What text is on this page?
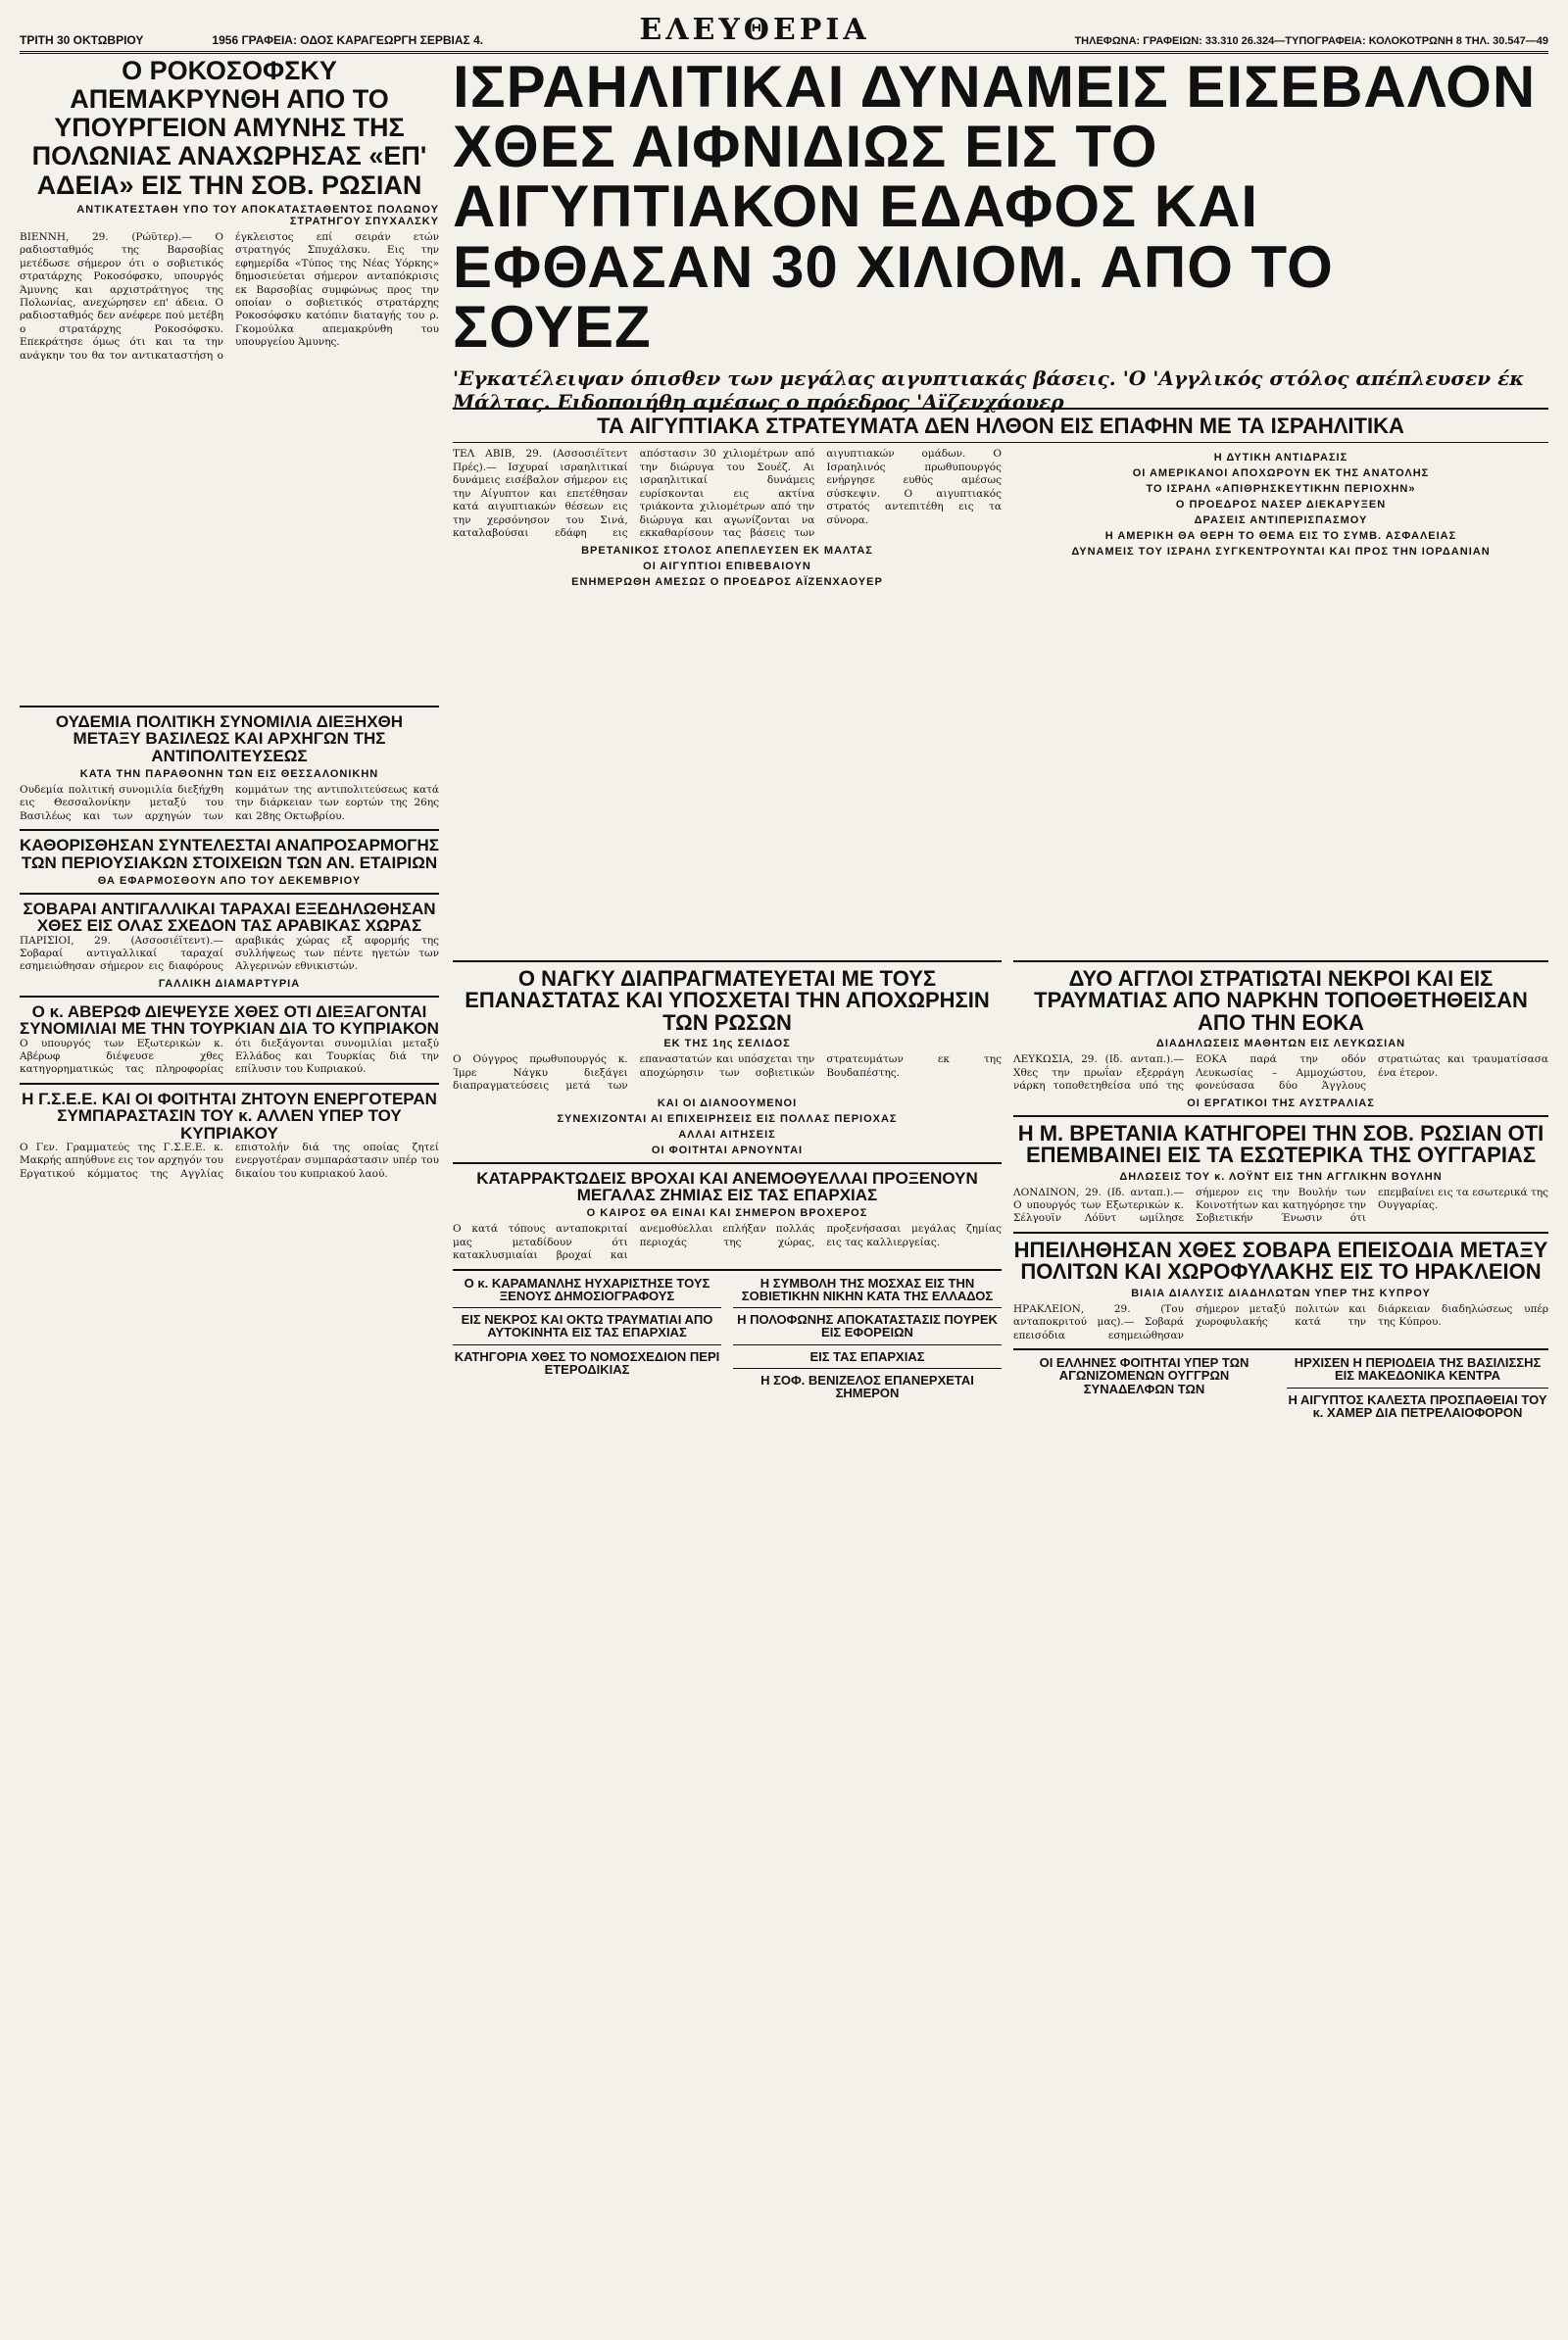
ΤΡΙΤΗ 30 ΟΚΤΩΒΡΙΟΥ	1956 ΓΡΑΦΕΙΑ: ΟΔΟΣ ΚΑΡΑΓΕΩΡΓΗ ΣΕΡΒΙΑΣ 4.	ΕΛΕΥΘΕΡΙΑ	ΤΗΛΕΦΩΝΑ: ΓΡΑΦΕΙΩΝ: 33.310 26.324—ΤΥΠΟΓΡΑΦΕΙΑ: ΚΟΛΟΚΟΤΡΩΝΗ 8 ΤΗΛ. 30.547—49
Ο ΡΟΚΟΣΟΦΣΚΥ ΑΠΕΜΑΚΡΥΝΘΗ ΑΠΟ ΤΟ ΥΠΟΥΡΓΕΙΟΝ ΑΜΥΝΗΣ ΤΗΣ ΠΟΛΩΝΙΑΣ ΑΝΑΧΩΡΗΣΑΣ «ΕΠ' ΑΔΕΙΑ» ΕΙΣ ΤΗΝ ΣΟΒ. ΡΩΣΙΑΝ
ΑΝΤΙΚΑΤΕΣΤΑΘΗ ΥΠΟ ΤΟΥ ΑΠΟΚΑΤΑΣΤΑΘΕΝΤΟΣ ΠΟΛΩΝΟΥ ΣΤΡΑΤΗΓΟΥ ΣΠΥΧΑΛΣΚΥ

ΒΙΕΝΝΗ, 29. (Ρώϋτερ).— Ο ραδιοσταθμός της Βαρσοβίας μετέδωσε σήμερον ότι ο σοβιετικός στρατάρχης Ροκοσόφσκυ, υπουργός Άμυνης και αρχιστράτηγος της Πολωνίας, ανεχώρησεν επ' άδεια. Ο ραδιοσταθμός δεν ανέφερε πού μετέβη ο στρατάρχης Ροκοσόφσκυ. Επεκράτησε όμως ότι και τα την ανάγκην του θα τον αντικαταστήση ο έγκλειστος επί σειράν ετών στρατηγός Σπυχάλσκυ. Εις την εφημερίδα «Τύπος της Νέας Υόρκης» δημοσιεύεται σήμερον ανταπόκρισις εκ Βαρσοβίας συμφώνως προς την οποίαν ο σοβιετικός στρατάρχης Ροκοσόφσκυ κατόπιν διαταγής του ρ. Γκομούλκα απεμακρύνθη του υπουργείου Άμυνης.

ΙΣΡΑΗΛΙΤΙΚΑΙ ΔΥΝΑΜΕΙΣ ΕΙΣΕΒΑΛΟΝ ΧΘΕΣ ΑΙΦΝΙΔΙΩΣ ΕΙΣ ΤΟ ΑΙΓΥΠΤΙΑΚΟΝ ΕΔΑΦΟΣ ΚΑΙ ΕΦΘΑΣΑΝ 30 ΧΙΛΙΟΜ. ΑΠΟ ΤΟ ΣΟΥΕΖ
'Εγκατέλειψαν όπισθεν των μεγάλας αιγυπτιακάς βάσεις. 'Ο 'Αγγλικός στόλος απέπλευσεν έκ Μάλτας. Ειδοποιήθη αμέσως ο πρόεδρος 'Αϊζενχάουερ
ΤΑ ΑΙΓΥΠΤΙΑΚΑ ΣΤΡΑΤΕΥΜΑΤΑ ΔΕΝ ΗΛΘΟΝ ΕΙΣ ΕΠΑΦΗΝ ΜΕ ΤΑ ΙΣΡΑΗΛΙΤΙΚΑ

ΤΕΛ ΑΒΙΒ, 29. (Ασσοσιέϊτεντ Πρές).— Ισχυραί ισραηλιτικαί δυνάμεις εισέβαλον σήμερον εις την Αίγυπτον και επετέθησαν κατά αιγυπτιακών θέσεων εις την χερσόνησον του Σινά, καταλαβούσαι εδάφη εις απόστασιν 30 χιλιομέτρων από την διώρυγα του Σουέζ. Αι ισραηλιτικαί δυνάμεις ευρίσκονται εις ακτίνα τριάκοντα χιλιομέτρων από την διώρυγα και αγωνίζονται να εκκαθαρίσουν τας βάσεις των αιγυπτιακών ομάδων. Ο Ισραηλινός πρωθυπουργός ενήργησε ευθύς αμέσως σύσκεψιν. Ο αιγυπτιακός στρατός αντεπιτέθη εις τα σύνορα.

ΒΡΕΤΑΝΙΚΟΣ ΣΤΟΛΟΣ ΑΠΕΠΛΕΥΣΕΝ ΕΚ ΜΑΛΤΑΣ
ΟΙ ΑΙΓΥΠΤΙΟΙ ΕΠΙΒΕΒΑΙΟΥΝ
ΕΝΗΜΕΡΩΘΗ ΑΜΕΣΩΣ Ο ΠΡΟΕΔΡΟΣ ΑΪΖΕΝΧΑΟΥΕΡ
Η ΔΥΤΙΚΗ ΑΝΤΙΔΡΑΣΙΣ
ΟΙ ΑΜΕΡΙΚΑΝΟΙ ΑΠΟΧΩΡΟΥΝ ΕΚ ΤΗΣ ΑΝΑΤΟΛΗΣ
ΤΟ ΙΣΡΑΗΛ «ΑΠΙΘΡΗΣΚΕΥΤΙΚΗΝ ΠΕΡΙΟΧΗΝ»
Ο ΠΡΟΕΔΡΟΣ ΝΑΣΕΡ ΔΙΕΚΑΡΥΞΕΝ
ΔΡΑΣΕΙΣ ΑΝΤΙΠΕΡΙΣΠΑΣΜΟΥ
Η ΑΜΕΡΙΚΗ ΘΑ ΘΕΡΗ ΤΟ ΘΕΜΑ ΕΙΣ ΤΟ ΣΥΜΒ. ΑΣΦΑΛΕΙΑΣ
ΔΥΝΑΜΕΙΣ ΤΟΥ ΙΣΡΑΗΛ ΣΥΓΚΕΝΤΡΟΥΝΤΑΙ ΚΑΙ ΠΡΟΣ ΤΗΝ ΙΟΡΔΑΝΙΑΝ
ΟΥΔΕΜΙΑ ΠΟΛΙΤΙΚΗ ΣΥΝΟΜΙΛΙΑ ΔΙΕΞΗΧΘΗ ΜΕΤΑΞΥ ΒΑΣΙΛΕΩΣ ΚΑΙ ΑΡΧΗΓΩΝ ΤΗΣ ΑΝΤΙΠΟΛΙΤΕΥΣΕΩΣ
ΚΑΤΑ ΤΗΝ ΠΑΡΑΘΟΝΗΝ ΤΩΝ ΕΙΣ ΘΕΣΣΑΛΟΝΙΚΗΝ

Ουδεμία πολιτική συνομιλία διεξήχθη εις Θεσσαλονίκην μεταξύ του Βασιλέως και των αρχηγών των κομμάτων της αντιπολιτεύσεως κατά την διάρκειαν των εορτών της 26ης και 28ης Οκτωβρίου.

ΚΑΘΟΡΙΣΘΗΣΑΝ ΣΥΝΤΕΛΕΣΤΑΙ ΑΝΑΠΡΟΣΑΡΜΟΓΗΣ ΤΩΝ ΠΕΡΙΟΥΣΙΑΚΩΝ ΣΤΟΙΧΕΙΩΝ ΤΩΝ ΑΝ. ΕΤΑΙΡΙΩΝ
ΘΑ ΕΦΑΡΜΟΣΘΟΥΝ ΑΠΟ ΤΟΥ ΔΕΚΕΜΒΡΙΟΥ
ΣΟΒΑΡΑΙ ΑΝΤΙΓΑΛΛΙΚΑΙ ΤΑΡΑΧΑΙ ΕΞΕΔΗΛΩΘΗΣΑΝ ΧΘΕΣ ΕΙΣ ΟΛΑΣ ΣΧΕΔΟΝ ΤΑΣ ΑΡΑΒΙΚΑΣ ΧΩΡΑΣ

ΠΑΡΙΣΙΟΙ, 29. (Ασσοσιέϊτεντ).— Σοβαραί αντιγαλλικαί ταραχαί εσημειώθησαν σήμερον εις διαφόρους αραβικάς χώρας εξ αφορμής της συλλήψεως των πέντε ηγετών των Αλγερινών εθνικιστών.

ΓΑΛΛΙΚΗ ΔΙΑΜΑΡΤΥΡΙΑ
Ο κ. ΑΒΕΡΩΦ ΔΙΕΨΕΥΣΕ ΧΘΕΣ ΟΤΙ ΔΙΕΞΑΓΟΝΤΑΙ ΣΥΝΟΜΙΛΙΑΙ ΜΕ ΤΗΝ ΤΟΥΡΚΙΑΝ ΔΙΑ ΤΟ ΚΥΠΡΙΑΚΟΝ

Ο υπουργός των Εξωτερικών κ. Αβέρωφ διέψευσε χθες κατηγορηματικώς τας πληροφορίας ότι διεξάγονται συνομιλίαι μεταξύ Ελλάδος και Τουρκίας διά την επίλυσιν του Κυπριακού.

Η Γ.Σ.Ε.Ε. ΚΑΙ ΟΙ ΦΟΙΤΗΤΑΙ ΖΗΤΟΥΝ ΕΝΕΡΓΟΤΕΡΑΝ ΣΥΜΠΑΡΑΣΤΑΣΙΝ ΤΟΥ κ. ΑΛΛΕΝ ΥΠΕΡ ΤΟΥ ΚΥΠΡΙΑΚΟΥ

Ο Γεν. Γραμματεύς της Γ.Σ.Ε.Ε. κ. Μακρής απηύθυνε εις τον αρχηγόν του Εργατικού κόμματος της Αγγλίας επιστολήν διά της οποίας ζητεί ενεργοτέραν συμπαράστασιν υπέρ του δικαίου του κυπριακού λαού.

Ο ΝΑΓΚΥ ΔΙΑΠΡΑΓΜΑΤΕΥΕΤΑΙ ΜΕ ΤΟΥΣ ΕΠΑΝΑΣΤΑΤΑΣ ΚΑΙ ΥΠΟΣΧΕΤΑΙ ΤΗΝ ΑΠΟΧΩΡΗΣΙΝ ΤΩΝ ΡΩΣΩΝ
ΕΚ ΤΗΣ 1ης ΣΕΛΙΔΟΣ

Ο Ούγγρος πρωθυπουργός κ. Ίμρε Νάγκυ διεξάγει διαπραγματεύσεις μετά των επαναστατών και υπόσχεται την αποχώρησιν των σοβιετικών στρατευμάτων εκ της Βουδαπέστης.

ΚΑΙ ΟΙ ΔΙΑΝΟΟΥΜΕΝΟΙ
ΣΥΝΕΧΙΖΟΝΤΑΙ ΑΙ ΕΠΙΧΕΙΡΗΣΕΙΣ ΕΙΣ ΠΟΛΛΑΣ ΠΕΡΙΟΧΑΣ
ΑΛΛΑΙ ΑΙΤΗΣΕΙΣ
ΟΙ ΦΟΙΤΗΤΑΙ ΑΡΝΟΥΝΤΑΙ
ΚΑΤΑΡΡΑΚΤΩΔΕΙΣ ΒΡΟΧΑΙ ΚΑΙ ΑΝΕΜΟΘΥΕΛΛΑΙ ΠΡΟΞΕΝΟΥΝ ΜΕΓΑΛΑΣ ΖΗΜΙΑΣ ΕΙΣ ΤΑΣ ΕΠΑΡΧΙΑΣ
Ο ΚΑΙΡΟΣ ΘΑ ΕΙΝΑΙ ΚΑΙ ΣΗΜΕΡΟΝ ΒΡΟΧΕΡΟΣ

Ο κατά τόπους ανταποκριταί μας μεταδίδουν ότι κατακλυσμιαίαι βροχαί και ανεμοθύελλαι επλήξαν πολλάς περιοχάς της χώρας, προξενήσασαι μεγάλας ζημίας εις τας καλλιεργείας.

Ο κ. ΚΑΡΑΜΑΝΛΗΣ ΗΥΧΑΡΙΣΤΗΣΕ ΤΟΥΣ ΞΕΝΟΥΣ ΔΗΜΟΣΙΟΓΡΑΦΟΥΣ
ΕΙΣ ΝΕΚΡΟΣ ΚΑΙ ΟΚΤΩ ΤΡΑΥΜΑΤΙΑΙ ΑΠΟ ΑΥΤΟΚΙΝΗΤΑ ΕΙΣ ΤΑΣ ΕΠΑΡΧΙΑΣ
ΚΑΤΗΓΟΡΙΑ ΧΘΕΣ ΤΟ ΝΟΜΟΣΧΕΔΙΟΝ ΠΕΡΙ ΕΤΕΡΟΔΙΚΙΑΣ
Η ΣΥΜΒΟΛΗ ΤΗΣ ΜΟΣΧΑΣ ΕΙΣ ΤΗΝ ΣΟΒΙΕΤΙΚΗΝ ΝΙΚΗΝ ΚΑΤΑ ΤΗΣ ΕΛΛΑΔΟΣ
Η ΠΟΛΟΦΩΝΗΣ ΑΠΟΚΑΤΑΣΤΑΣΙΣ ΠΟΥΡΕΚ ΕΙΣ ΕΦΟΡΕΙΩΝ
ΕΙΣ ΤΑΣ ΕΠΑΡΧΙΑΣ
Η ΣΟΦ. ΒΕΝΙΖΕΛΟΣ ΕΠΑΝΕΡΧΕΤΑΙ ΣΗΜΕΡΟΝ
ΔΥΟ ΑΓΓΛΟΙ ΣΤΡΑΤΙΩΤΑΙ ΝΕΚΡΟΙ ΚΑΙ ΕΙΣ ΤΡΑΥΜΑΤΙΑΣ ΑΠΟ ΝΑΡΚΗΝ ΤΟΠΟΘΕΤΗΘΕΙΣΑΝ ΑΠΟ ΤΗΝ ΕΟΚΑ
ΔΙΑΔΗΛΩΣΕΙΣ ΜΑΘΗΤΩΝ ΕΙΣ ΛΕΥΚΩΣΙΑΝ

ΛΕΥΚΩΣΙΑ, 29. (Ιδ. ανταπ.).— Χθες την πρωΐαν εξερράγη νάρκη τοποθετηθείσα υπό της ΕΟΚΑ παρά την οδόν Λευκωσίας – Αμμοχώστου, φονεύσασα δύο Άγγλους στρατιώτας και τραυματίσασα ένα έτερον.

ΟΙ ΕΡΓΑΤΙΚΟΙ ΤΗΣ ΑΥΣΤΡΑΛΙΑΣ
Η Μ. ΒΡΕΤΑΝΙΑ ΚΑΤΗΓΟΡΕΙ ΤΗΝ ΣΟΒ. ΡΩΣΙΑΝ ΟΤΙ ΕΠΕΜΒΑΙΝΕΙ ΕΙΣ ΤΑ ΕΣΩΤΕΡΙΚΑ ΤΗΣ ΟΥΓΓΑΡΙΑΣ
ΔΗΛΩΣΕΙΣ ΤΟΥ κ. ΛΟΫΝΤ ΕΙΣ ΤΗΝ ΑΓΓΛΙΚΗΝ ΒΟΥΛΗΝ

ΛΟΝΔΙΝΟΝ, 29. (Ιδ. ανταπ.).— Ο υπουργός των Εξωτερικών κ. Σέλγουϊν Λόϋντ ωμίλησε σήμερον εις την Βουλήν των Κοινοτήτων και κατηγόρησε την Σοβιετικήν Ένωσιν ότι επεμβαίνει εις τα εσωτερικά της Ουγγαρίας.

ΗΠΕΙΛΗΘΗΣΑΝ ΧΘΕΣ ΣΟΒΑΡΑ ΕΠΕΙΣΟΔΙΑ ΜΕΤΑΞΥ ΠΟΛΙΤΩΝ ΚΑΙ ΧΩΡΟΦΥΛΑΚΗΣ ΕΙΣ ΤΟ ΗΡΑΚΛΕΙΟΝ
ΒΙΑΙΑ ΔΙΑΛΥΣΙΣ ΔΙΑΔΗΛΩΤΩΝ ΥΠΕΡ ΤΗΣ ΚΥΠΡΟΥ

ΗΡΑΚΛΕΙΟΝ, 29. (Του ανταποκριτού μας).— Σοβαρά επεισόδια εσημειώθησαν σήμερον μεταξύ πολιτών και χωροφυλακής κατά την διάρκειαν διαδηλώσεως υπέρ της Κύπρου.

ΟΙ ΕΛΛΗΝΕΣ ΦΟΙΤΗΤΑΙ ΥΠΕΡ ΤΩΝ ΑΓΩΝΙΖΟΜΕΝΩΝ ΟΥΓΓΡΩΝ ΣΥΝΑΔΕΛΦΩΝ ΤΩΝ
ΗΡΧΙΣΕΝ Η ΠΕΡΙΟΔΕΙΑ ΤΗΣ ΒΑΣΙΛΙΣΣΗΣ ΕΙΣ ΜΑΚΕΔΟΝΙΚΑ ΚΕΝΤΡΑ
Η ΑΙΓΥΠΤΟΣ ΚΑΛΕΣΤΑ ΠΡΟΣΠΑΘΕΙΑΙ ΤΟΥ κ. ΧΑΜΕΡ ΔΙΑ ΠΕΤΡΕΛΑΙΟΦΟΡΟΝ
